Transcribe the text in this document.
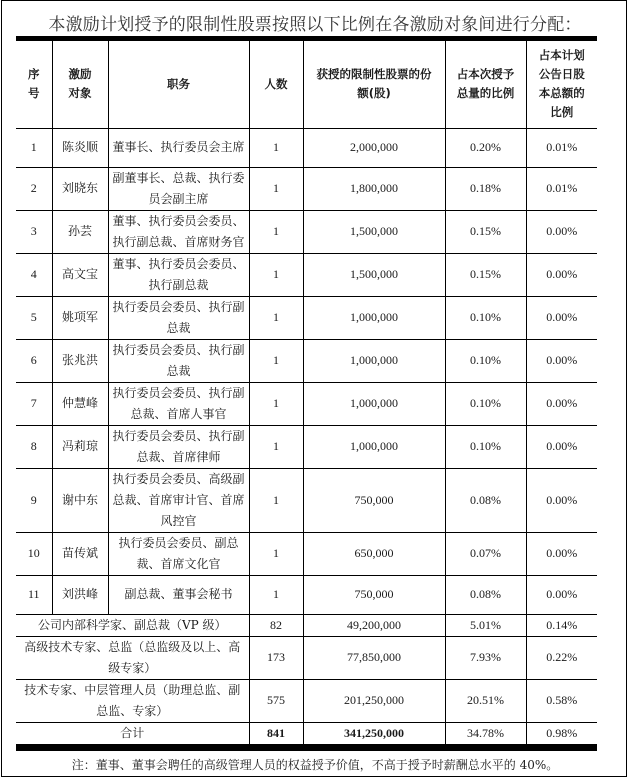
本激励计划授予的限制性股票按照以下比例在各激励对象间进行分配：
序号	激励对象	职务	人数	获授的限制性股票的份额(股)	占本次授予总量的比例	占本计划公告日股本总额的比例

1	陈炎顺	董事长、执行委员会主席	1	2,000,000	0.20%	0.01%
2	刘晓东	副董事长、总裁、执行委员会副主席	1	1,800,000	0.18%	0.01%
3	孙芸	董事、执行委员会委员、执行副总裁、首席财务官	1	1,500,000	0.15%	0.00%
4	高文宝	董事、执行委员会委员、执行副总裁	1	1,500,000	0.15%	0.00%
5	姚项军	执行委员会委员、执行副总裁	1	1,000,000	0.10%	0.00%
6	张兆洪	执行委员会委员、执行副总裁	1	1,000,000	0.10%	0.00%
7	仲慧峰	执行委员会委员、执行副总裁、首席人事官	1	1,000,000	0.10%	0.00%
8	冯莉琼	执行委员会委员、执行副总裁、首席律师	1	1,000,000	0.10%	0.00%
9	谢中东	执行委员会委员、高级副总裁、首席审计官、首席风控官	1	750,000	0.08%	0.00%
10	苗传斌	执行委员会委员、副总裁、首席文化官	1	650,000	0.07%	0.00%
11	刘洪峰	副总裁、董事会秘书	1	750,000	0.08%	0.00%
公司内部科学家、副总裁（VP 级）			82	49,200,000	5.01%	0.14%
高级技术专家、总监（总监级及以上、高级专家）			173	77,850,000	7.93%	0.22%
技术专家、中层管理人员（助理总监、副总监、专家）			575	201,250,000	20.51%	0.58%
合计			841	341,250,000	34.78%	0.98%
注：董事、董事会聘任的高级管理人员的权益授予价值，不高于授予时薪酬总水平的 40%。
